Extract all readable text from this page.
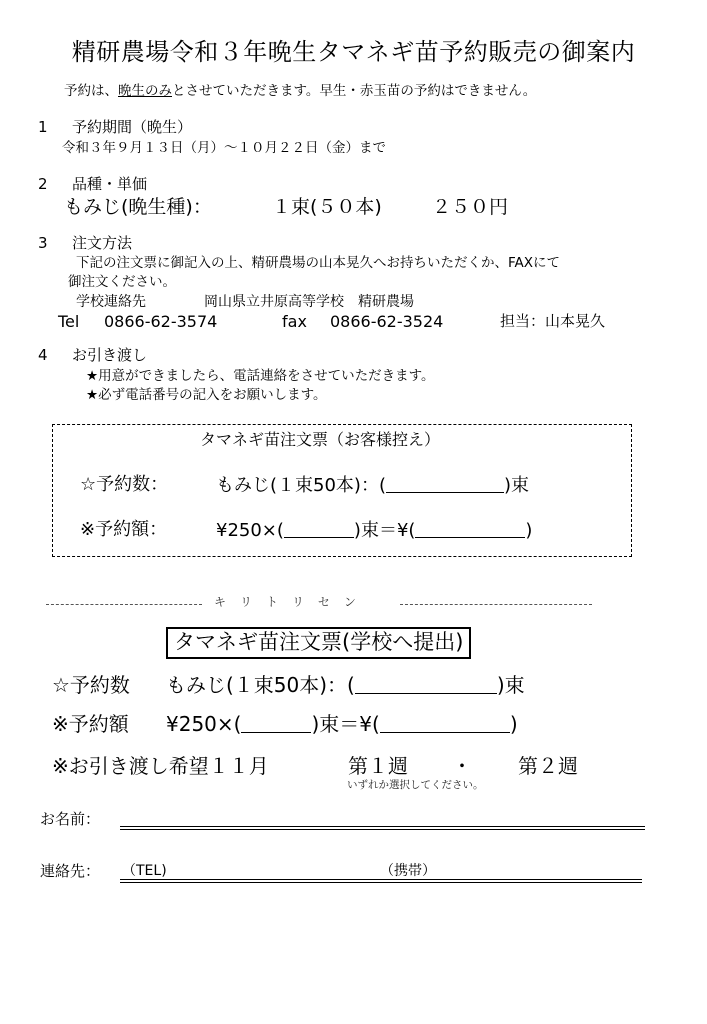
精研農場令和３年晩生タマネギ苗予約販売の御案内
予約は、晩生のみとさせていただきます。早生・赤玉苗の予約はできません。
1 予約期間（晩生）
令和３年９月１３日（月）～１０月２２日（金）まで
2 品種・単価
もみじ(晩生種)：	１束(５０本)	２５０円
3 注文方法
下記の注文票に御記入の上、精研農場の山本晃久へお持ちいただくか、FAXにて
御注文ください。
学校連絡先	岡山県立井原高等学校　精研農場
Tel 0866-62-3574	fax 0866-62-3524	担当：山本晃久
4 お引き渡し
★用意ができましたら、電話連絡をさせていただきます。
★必ず電話番号の記入をお願いします。
タマネギ苗注文票（お客様控え）
☆予約数：	もみじ(１束50本)：(	)束
※予約額：	¥250×(	)束＝¥(	)
キリトリセン
タマネギ苗注文票(学校へ提出)
☆予約数 もみじ(１束50本)：(	)束
※予約額 ¥250×(	)束＝¥(	)
※お引き渡し希望１１月	第１週 ・ 第２週
いずれか選択してください。
お名前：
連絡先： （TEL)	（携帯）
